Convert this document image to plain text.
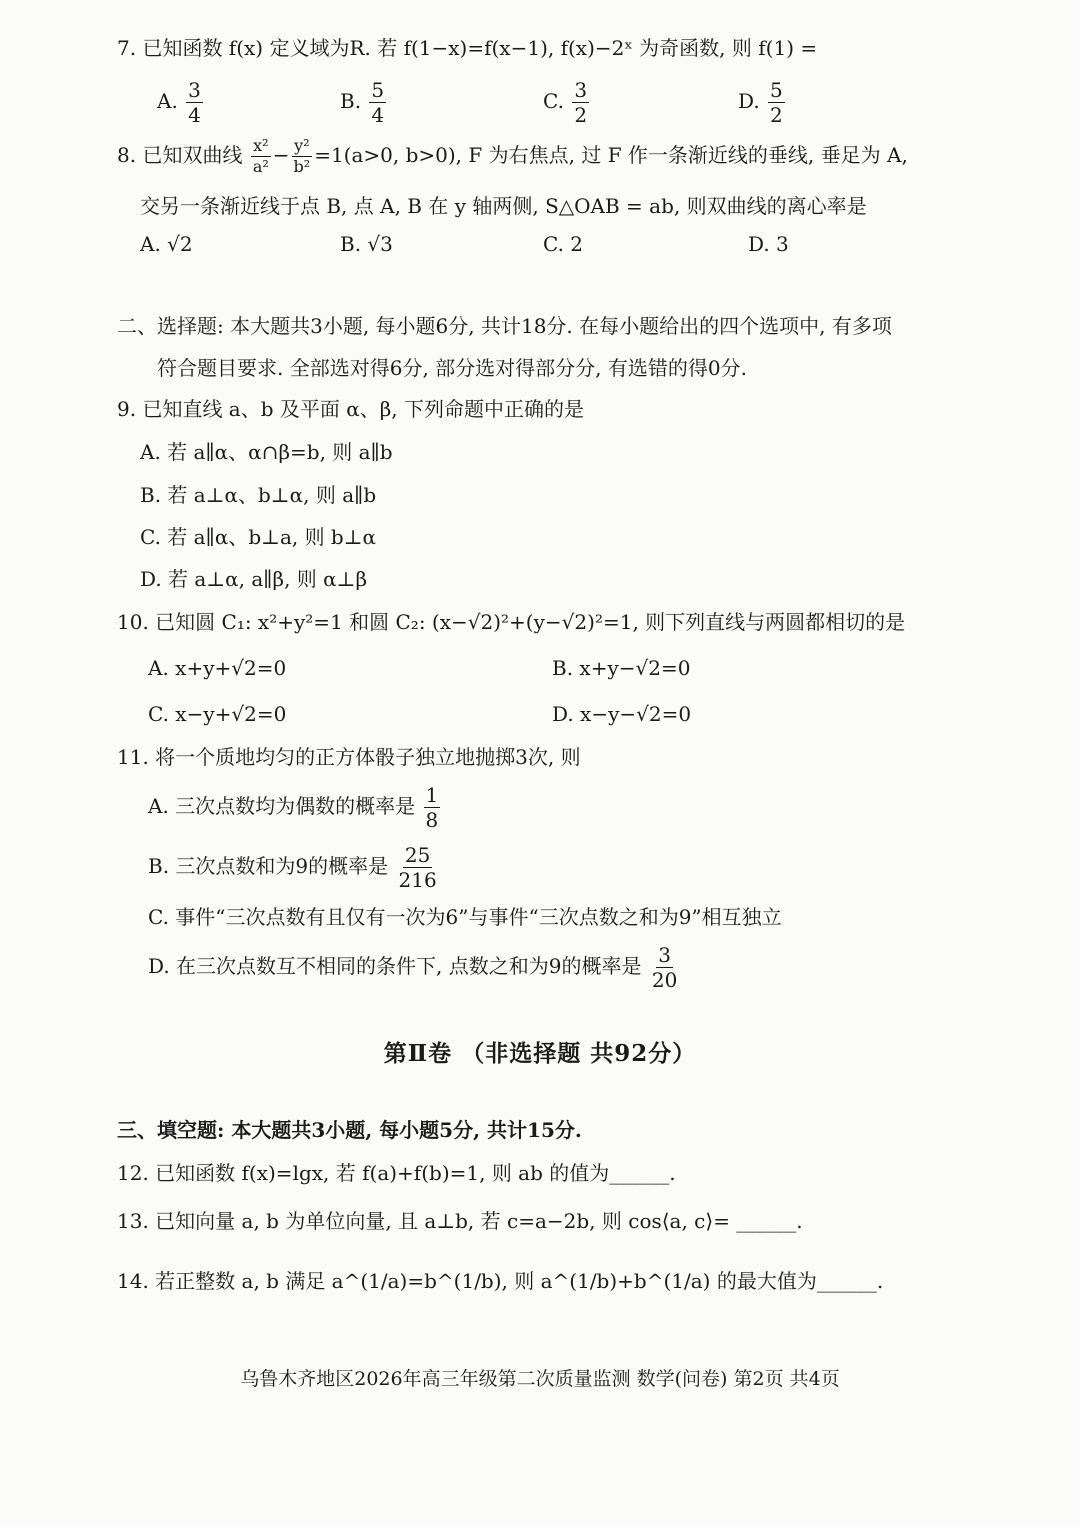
7. 已知函数 f(x) 定义域为R. 若 f(1−x)=f(x−1), f(x)−2ˣ 为奇函数, 则 f(1) =
A. $\frac{3}{4}$	B. $\frac{5}{4}$	C. $\frac{3}{2}$	D. $\frac{5}{2}$
8. 已知双曲线 $\frac{\text{x²}}{\text{a²}} - \frac{\text{y²}}{\text{b²}} =1(a>0$, b>0), F 为右焦点, 过 F 作一条渐近线的垂线, 垂足为 A,
交另一条渐近线于点 B, 点 A, B 在 y 轴两侧, S△OAB = ab, 则双曲线的离心率是
A. √2	B. √3	C. 2	D. 3
二、选择题: 本大题共3小题, 每小题6分, 共计18分. 在每小题给出的四个选项中, 有多项
符合题目要求. 全部选对得6分, 部分选对得部分分, 有选错的得0分.
9. 已知直线 a、b 及平面 α、β, 下列命题中正确的是
A. 若 a∥α、α∩β=b, 则 a∥b
B. 若 a⊥α、b⊥α, 则 a∥b
C. 若 a∥α、b⊥a, 则 b⊥α
D. 若 a⊥α, a∥β, 则 α⊥β
10. 已知圆 C₁: x²+y²=1 和圆 C₂: (x−√2)²+(y−√2)²=1, 则下列直线与两圆都相切的是
A. x+y+√2=0	B. x+y−√2=0
C. x−y+√2=0	D. x−y−√2=0
11. 将一个质地均匀的正方体骰子独立地抛掷3次, 则
A. 三次点数均为偶数的概率是 $\frac{1}{8}$
B. 三次点数和为9的概率是 $\frac{25}{216}$
C. 事件“三次点数有且仅有一次为6”与事件“三次点数之和为9”相互独立
D. 在三次点数互不相同的条件下, 点数之和为9的概率是 $\frac{3}{20}$
第Ⅱ卷 （非选择题 共92分）
三、填空题: 本大题共3小题, 每小题5分, 共计15分.
12. 已知函数 f(x)=lgx, 若 f(a)+f(b)=1, 则 ab 的值为______.
13. 已知向量 a, b 为单位向量, 且 a⊥b, 若 c=a−2b, 则 cos⟨a, c⟩= ______.
14. 若正整数 a, b 满足 a^(1/a)=b^(1/b), 则 a^(1/b)+b^(1/a) 的最大值为______.
乌鲁木齐地区2026年高三年级第二次质量监测 数学(问卷) 第2页 共4页
